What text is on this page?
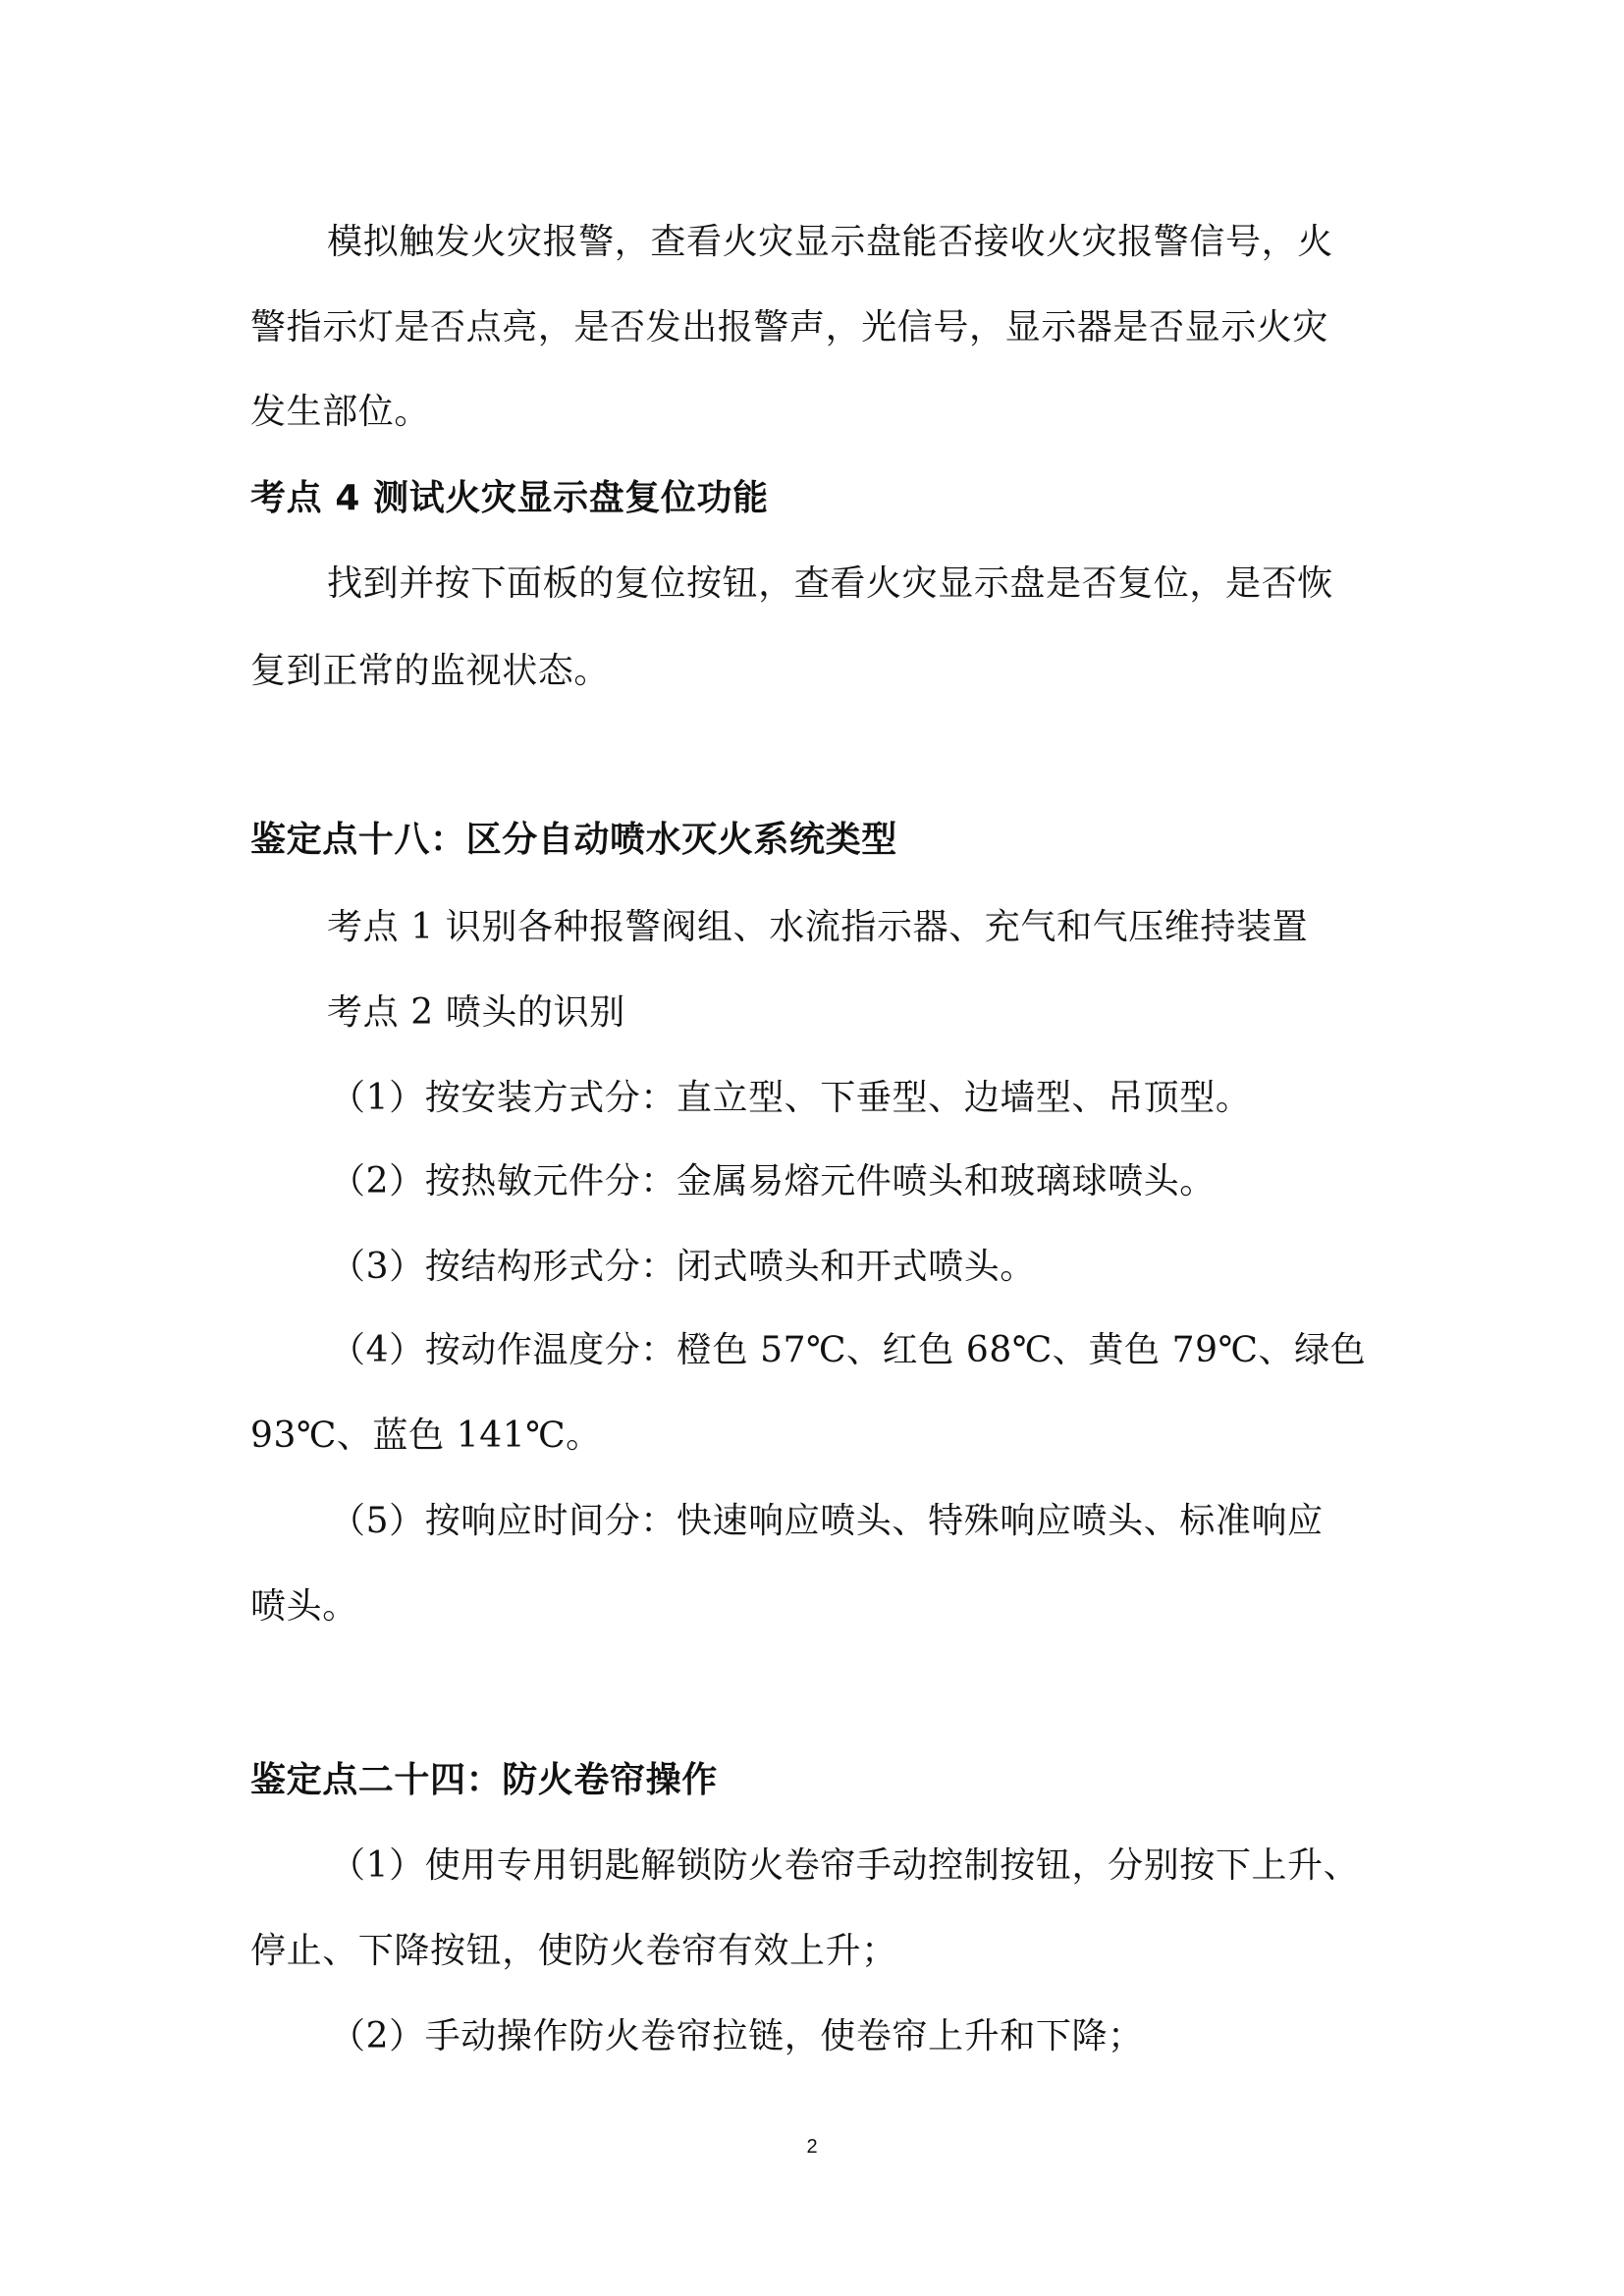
模拟触发火灾报警，查看火灾显示盘能否接收火灾报警信号，火
警指示灯是否点亮，是否发出报警声，光信号，显示器是否显示火灾
发生部位。
考点 4 测试火灾显示盘复位功能
找到并按下面板的复位按钮，查看火灾显示盘是否复位，是否恢
复到正常的监视状态。
鉴定点十八：区分自动喷水灭火系统类型
考点 1 识别各种报警阀组、水流指示器、充气和气压维持装置
考点 2 喷头的识别
（1）按安装方式分：直立型、下垂型、边墙型、吊顶型。
（2）按热敏元件分：金属易熔元件喷头和玻璃球喷头。
（3）按结构形式分：闭式喷头和开式喷头。
（4）按动作温度分：橙色 57℃、红色 68℃、黄色 79℃、绿色
93℃、蓝色 141℃。
（5）按响应时间分：快速响应喷头、特殊响应喷头、标准响应
喷头。
鉴定点二十四：防火卷帘操作
（1）使用专用钥匙解锁防火卷帘手动控制按钮，分别按下上升、
停止、下降按钮，使防火卷帘有效上升；
（2）手动操作防火卷帘拉链，使卷帘上升和下降；
2
